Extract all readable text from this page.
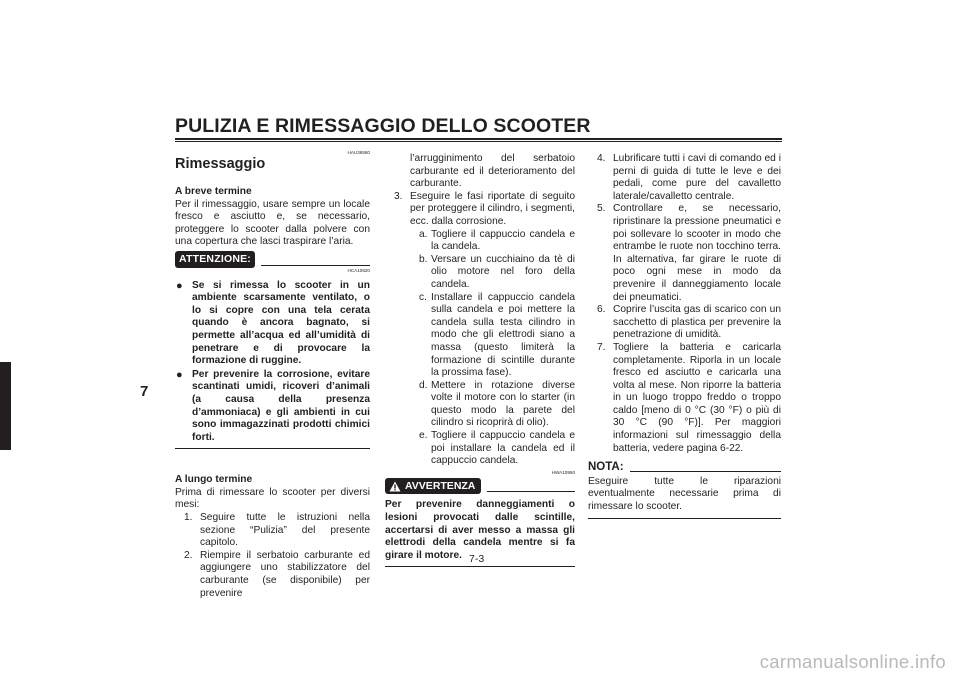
PULIZIA E RIMESSAGGIO DELLO SCOOTER
7
HAU36560
Rimessaggio
A breve termine
Per il rimessaggio, usare sempre un locale fresco e asciutto e, se necessario, proteggere lo scooter dalla polvere con una copertura che lasci traspirare l’aria.
ATTENZIONE:
HCA10820
● Se si rimessa lo scooter in un ambiente scarsamente ventilato, o lo si copre con una tela cerata quando è ancora bagnato, si permette all’acqua ed all’umidità di penetrare e di provocare la formazione di ruggine.
● Per prevenire la corrosione, evitare scantinati umidi, ricoveri d’animali (a causa della presenza d’ammoniaca) e gli ambienti in cui sono immagazzinati prodotti chimici forti.
A lungo termine
Prima di rimessare lo scooter per diversi mesi:
1. Seguire tutte le istruzioni nella sezione “Pulizia” del presente capitolo.
2. Riempire il serbatoio carburante ed aggiungere uno stabilizzatore del carburante (se disponibile) per prevenire
l’arrugginimento del serbatoio carburante ed il deterioramento del carburante.
3. Eseguire le fasi riportate di seguito per proteggere il cilindro, i segmenti, ecc. dalla corrosione.
a. Togliere il cappuccio candela e la candela.
b. Versare un cucchiaino da tè di olio motore nel foro della candela.
c. Installare il cappuccio candela sulla candela e poi mettere la candela sulla testa cilindro in modo che gli elettrodi siano a massa (questo limiterà la formazione di scintille durante la prossima fase).
d. Mettere in rotazione diverse volte il motore con lo starter (in questo modo la parete del cilindro si ricoprirà di olio).
e. Togliere il cappuccio candela e poi installare la candela ed il cappuccio candela.
HWA10950
AVVERTENZA
Per prevenire danneggiamenti o lesioni provocati dalle scintille, accertarsi di aver messo a massa gli elettrodi della candela mentre si fa girare il motore.
4. Lubrificare tutti i cavi di comando ed i perni di guida di tutte le leve e dei pedali, come pure del cavalletto laterale/cavalletto centrale.
5. Controllare e, se necessario, ripristinare la pressione pneumatici e poi sollevare lo scooter in modo che entrambe le ruote non tocchino terra. In alternativa, far girare le ruote di poco ogni mese in modo da prevenire il danneggiamento locale dei pneumatici.
6. Coprire l’uscita gas di scarico con un sacchetto di plastica per prevenire la penetrazione di umidità.
7. Togliere la batteria e caricarla completamente. Riporla in un locale fresco ed asciutto e caricarla una volta al mese. Non riporre la batteria in un luogo troppo freddo o troppo caldo [meno di 0 °C (30 °F) o più di 30 °C (90 °F)]. Per maggiori informazioni sul rimessaggio della batteria, vedere pagina 6-22.
NOTA:
Eseguire tutte le riparazioni eventualmente necessarie prima di rimessare lo scooter.
7-3
carmanualsonline.info
